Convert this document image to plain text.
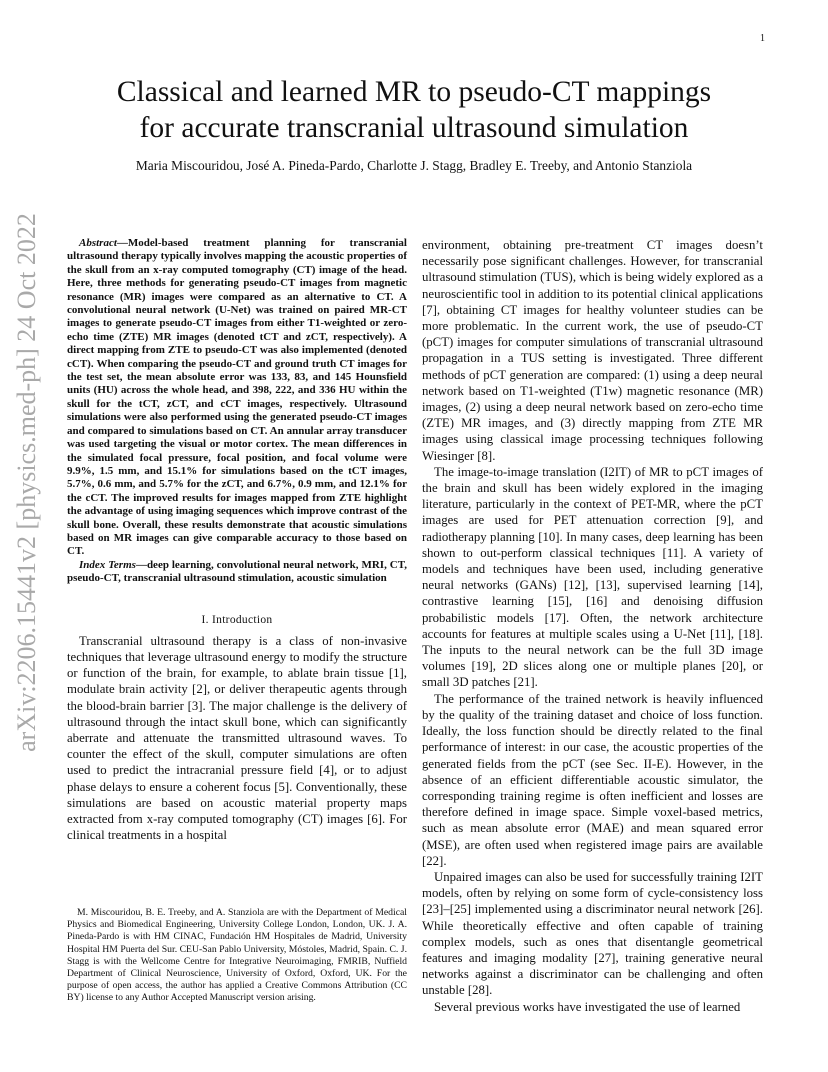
1
arXiv:2206.15441v2 [physics.med-ph] 24 Oct 2022
Classical and learned MR to pseudo-CT mappings
for accurate transcranial ultrasound simulation
Maria Miscouridou, José A. Pineda-Pardo, Charlotte J. Stagg, Bradley E. Treeby, and Antonio Stanziola

Abstract—Model-based treatment planning for transcranial ultrasound therapy typically involves mapping the acoustic properties of the skull from an x-ray computed tomography (CT) image of the head. Here, three methods for generating pseudo-CT images from magnetic resonance (MR) images were compared as an alternative to CT. A convolutional neural network (U-Net) was trained on paired MR-CT images to generate pseudo-CT images from either T1-weighted or zero-echo time (ZTE) MR images (denoted tCT and zCT, respectively). A direct mapping from ZTE to pseudo-CT was also implemented (denoted cCT). When comparing the pseudo-CT and ground truth CT images for the test set, the mean absolute error was 133, 83, and 145 Hounsfield units (HU) across the whole head, and 398, 222, and 336 HU within the skull for the tCT, zCT, and cCT images, respectively. Ultrasound simulations were also performed using the generated pseudo-CT images and compared to simulations based on CT. An annular array transducer was used targeting the visual or motor cortex. The mean differences in the simulated focal pressure, focal position, and focal volume were 9.9%, 1.5 mm, and 15.1% for simulations based on the tCT images, 5.7%, 0.6 mm, and 5.7% for the zCT, and 6.7%, 0.9 mm, and 12.1% for the cCT. The improved results for images mapped from ZTE highlight the advantage of using imaging sequences which improve contrast of the skull bone. Overall, these results demonstrate that acoustic simulations based on MR images can give comparable accuracy to those based on CT.

Index Terms—deep learning, convolutional neural network, MRI, CT, pseudo-CT, transcranial ultrasound stimulation, acoustic simulation

I. Introduction

Transcranial ultrasound therapy is a class of non-invasive techniques that leverage ultrasound energy to modify the structure or function of the brain, for example, to ablate brain tissue [1], modulate brain activity [2], or deliver therapeutic agents through the blood-brain barrier [3]. The major challenge is the delivery of ultrasound through the intact skull bone, which can significantly aberrate and attenuate the transmitted ultrasound waves. To counter the effect of the skull, computer simulations are often used to predict the intracranial pressure field [4], or to adjust phase delays to ensure a coherent focus [5]. Conventionally, these simulations are based on acoustic material property maps extracted from x-ray computed tomography (CT) images [6]. For clinical treatments in a hospital

M. Miscouridou, B. E. Treeby, and A. Stanziola are with the Department of Medical Physics and Biomedical Engineering, University College London, London, UK. J. A. Pineda-Pardo is with HM CINAC, Fundación HM Hospitales de Madrid, University Hospital HM Puerta del Sur. CEU-San Pablo University, Móstoles, Madrid, Spain. C. J. Stagg is with the Wellcome Centre for Integrative Neuroimaging, FMRIB, Nuffield Department of Clinical Neuroscience, University of Oxford, Oxford, UK. For the purpose of open access, the author has applied a Creative Commons Attribution (CC BY) license to any Author Accepted Manuscript version arising.

environment, obtaining pre-treatment CT images doesn’t necessarily pose significant challenges. However, for transcranial ultrasound stimulation (TUS), which is being widely explored as a neuroscientific tool in addition to its potential clinical applications [7], obtaining CT images for healthy volunteer studies can be more problematic. In the current work, the use of pseudo-CT (pCT) images for computer simulations of transcranial ultrasound propagation in a TUS setting is investigated. Three different methods of pCT generation are compared: (1) using a deep neural network based on T1-weighted (T1w) magnetic resonance (MR) images, (2) using a deep neural network based on zero-echo time (ZTE) MR images, and (3) directly mapping from ZTE MR images using classical image processing techniques following Wiesinger [8].

The image-to-image translation (I2IT) of MR to pCT images of the brain and skull has been widely explored in the imaging literature, particularly in the context of PET-MR, where the pCT images are used for PET attenuation correction [9], and radiotherapy planning [10]. In many cases, deep learning has been shown to out-perform classical techniques [11]. A variety of models and techniques have been used, including generative neural networks (GANs) [12], [13], supervised learning [14], contrastive learning [15], [16] and denoising diffusion probabilistic models [17]. Often, the network architecture accounts for features at multiple scales using a U-Net [11], [18]. The inputs to the neural network can be the full 3D image volumes [19], 2D slices along one or multiple planes [20], or small 3D patches [21].

The performance of the trained network is heavily influenced by the quality of the training dataset and choice of loss function. Ideally, the loss function should be directly related to the final performance of interest: in our case, the acoustic properties of the generated fields from the pCT (see Sec. II-E). However, in the absence of an efficient differentiable acoustic simulator, the corresponding training regime is often inefficient and losses are therefore defined in image space. Simple voxel-based metrics, such as mean absolute error (MAE) and mean squared error (MSE), are often used when registered image pairs are available [22].

Unpaired images can also be used for successfully training I2IT models, often by relying on some form of cycle-consistency loss [23]–[25] implemented using a discriminator neural network [26]. While theoretically effective and often capable of training complex models, such as ones that disentangle geometrical features and imaging modality [27], training generative neural networks against a discriminator can be challenging and often unstable [28].

Several previous works have investigated the use of learned
